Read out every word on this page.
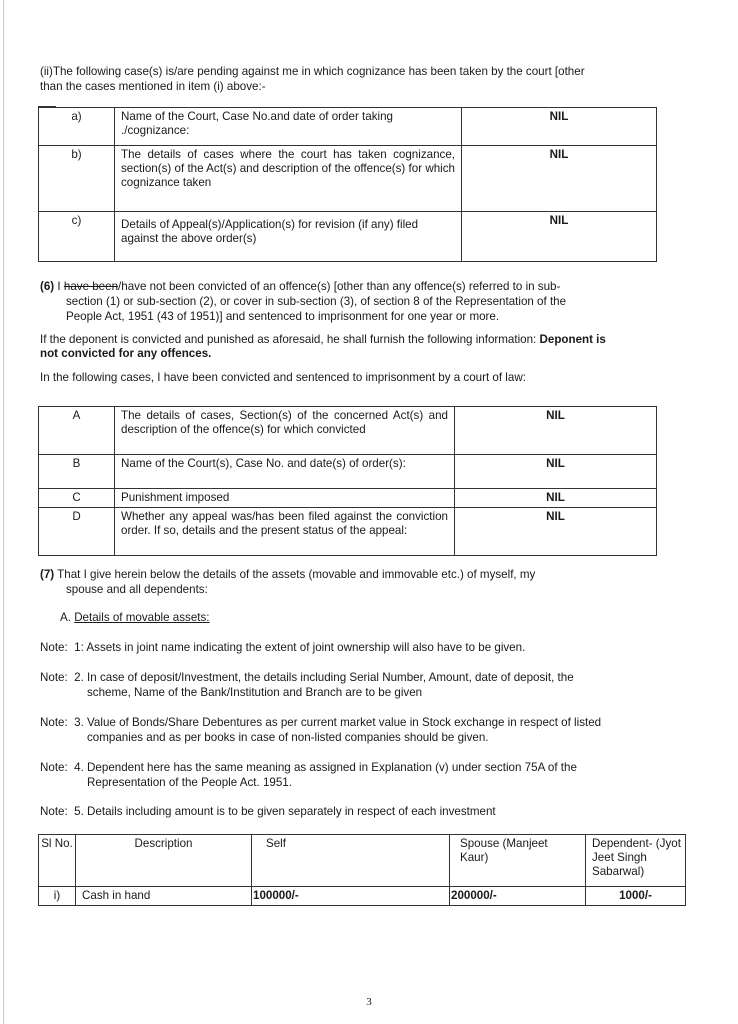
(ii)The following case(s) is/are pending against me in which cognizance has been taken by the court [other

than the cases mentioned in item (i) above:-

a)	Name of the Court, Case No.and date of order taking ./cognizance:	NIL
b)	The details of cases where the court has taken cognizance, section(s) of the Act(s) and description of the offence(s) for which cognizance taken	NIL
c)	Details of Appeal(s)/Application(s) for revision (if any) filed against the above order(s)	NIL

(6) I have been/have not been convicted of an offence(s) [other than any offence(s) referred to in sub-

section (1) or sub-section (2), or cover in sub-section (3), of section 8 of the Representation of the

People Act, 1951 (43 of 1951)] and sentenced to imprisonment for one year or more.

If the deponent is convicted and punished as aforesaid, he shall furnish the following information: Deponent is

not convicted for any offences.

In the following cases, I have been convicted and sentenced to imprisonment by a court of law:

A	The details of cases, Section(s) of the concerned Act(s) and description of the offence(s) for which convicted	NIL
B	Name of the Court(s), Case No. and date(s) of order(s):	NIL
C	Punishment imposed	NIL
D	Whether any appeal was/has been filed against the conviction order. If so, details and the present status of the appeal:	NIL

(7) That I give herein below the details of the assets (movable and immovable etc.) of myself, my

spouse and all dependents:

A. Details of movable assets:

Note: 1: Assets in joint name indicating the extent of joint ownership will also have to be given.

Note: 2. In case of deposit/Investment, the details including Serial Number, Amount, date of deposit, the

scheme, Name of the Bank/Institution and Branch are to be given

Note: 3. Value of Bonds/Share Debentures as per current market value in Stock exchange in respect of listed

companies and as per books in case of non-listed companies should be given.

Note: 4. Dependent here has the same meaning as assigned in Explanation (v) under section 75A of the

Representation of the People Act. 1951.

Note: 5. Details including amount is to be given separately in respect of each investment

Sl No.	Description	Self	Spouse (Manjeet Kaur)	Dependent- (Jyot Jeet Singh Sabarwal)
i)	Cash in hand	100000/-	200000/-	1000/-
3
